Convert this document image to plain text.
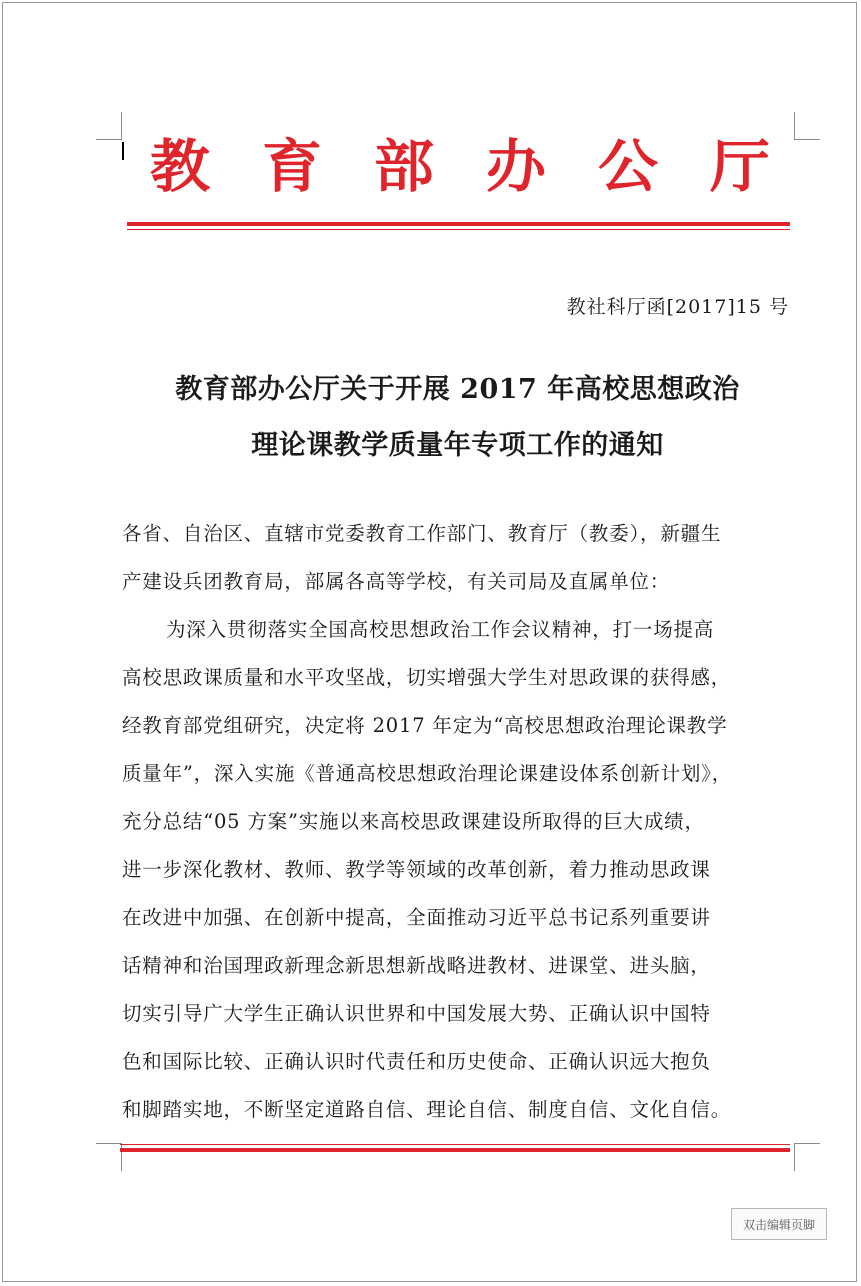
教 育 部 办 公 厅
教社科厅函[2017]15 号
教育部办公厅关于开展 2017 年高校思想政治
理论课教学质量年专项工作的通知
各省、自治区、直辖市党委教育工作部门、教育厅（教委），新疆生
产建设兵团教育局，部属各高等学校，有关司局及直属单位：
为深入贯彻落实全国高校思想政治工作会议精神，打一场提高
高校思政课质量和水平攻坚战，切实增强大学生对思政课的获得感，
经教育部党组研究，决定将 2017 年定为“高校思想政治理论课教学
质量年”，深入实施《普通高校思想政治理论课建设体系创新计划》，
充分总结“05 方案”实施以来高校思政课建设所取得的巨大成绩，
进一步深化教材、教师、教学等领域的改革创新，着力推动思政课
在改进中加强、在创新中提高，全面推动习近平总书记系列重要讲
话精神和治国理政新理念新思想新战略进教材、进课堂、进头脑，
切实引导广大学生正确认识世界和中国发展大势、正确认识中国特
色和国际比较、正确认识时代责任和历史使命、正确认识远大抱负
和脚踏实地，不断坚定道路自信、理论自信、制度自信、文化自信。
双击编辑页脚
